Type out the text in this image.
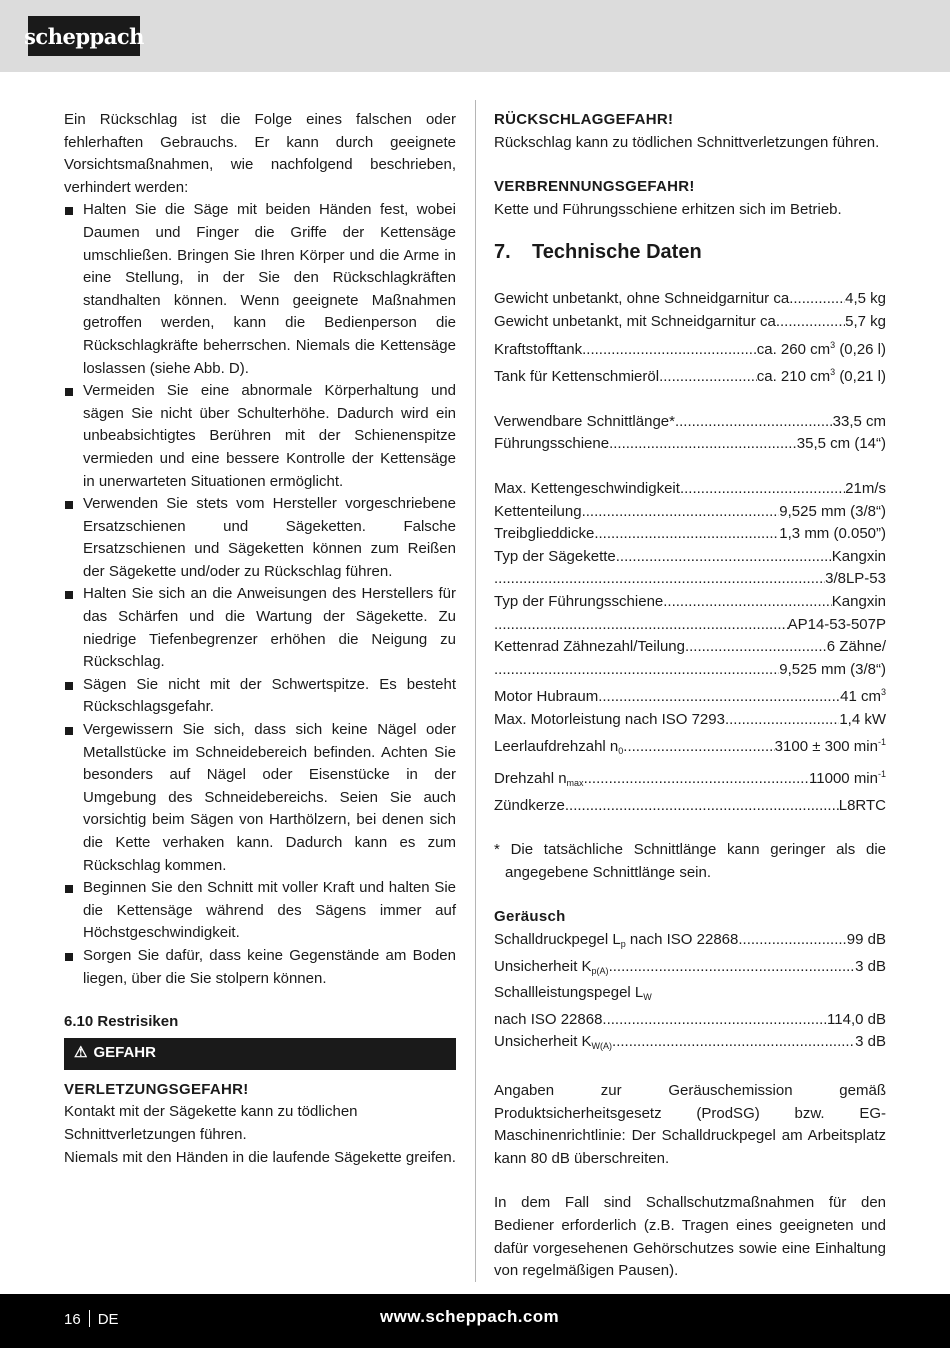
scheppach

Ein Rückschlag ist die Folge eines falschen oder fehlerhaften Gebrauchs. Er kann durch geeignete Vorsichtsmaßnahmen, wie nachfolgend beschrieben, verhindert werden:

Halten Sie die Säge mit beiden Händen fest, wobei Daumen und Finger die Griffe der Kettensäge umschließen. Bringen Sie Ihren Körper und die Arme in eine Stellung, in der Sie den Rückschlagkräften standhalten können. Wenn geeignete Maßnahmen getroffen werden, kann die Bedienperson die Rückschlagkräfte beherrschen. Niemals die Kettensäge loslassen (siehe Abb. D).
Vermeiden Sie eine abnormale Körperhaltung und sägen Sie nicht über Schulterhöhe. Dadurch wird ein unbeabsichtigtes Berühren mit der Schienenspitze vermieden und eine bessere Kontrolle der Kettensäge in unerwarteten Situationen ermöglicht.
Verwenden Sie stets vom Hersteller vorgeschriebene Ersatzschienen und Sägeketten. Falsche Ersatzschienen und Sägeketten können zum Reißen der Sägekette und/oder zu Rückschlag führen.
Halten Sie sich an die Anweisungen des Herstellers für das Schärfen und die Wartung der Sägekette. Zu niedrige Tiefenbegrenzer erhöhen die Neigung zu Rückschlag.
Sägen Sie nicht mit der Schwertspitze. Es besteht Rückschlagsgefahr.
Vergewissern Sie sich, dass sich keine Nägel oder Metallstücke im Schneidebereich befinden. Achten Sie besonders auf Nägel oder Eisenstücke in der Umgebung des Schneidebereichs. Seien Sie auch vorsichtig beim Sägen von Harthölzern, bei denen sich die Kette verhaken kann. Dadurch kann es zum Rückschlag kommen.
Beginnen Sie den Schnitt mit voller Kraft und halten Sie die Kettensäge während des Sägens immer auf Höchstgeschwindigkeit.
Sorgen Sie dafür, dass keine Gegenstände am Boden liegen, über die Sie stolpern können.
6.10 Restrisiken
⚠ GEFAHR
VERLETZUNGSGEFAHR!

Kontakt mit der Sägekette kann zu tödlichen Schnittverletzungen führen.

Niemals mit den Händen in die laufende Sägekette greifen.

RÜCKSCHLAGGEFAHR!

Rückschlag kann zu tödlichen Schnittverletzungen führen.

VERBRENNUNGSGEFAHR!

Kette und Führungsschiene erhitzen sich im Betrieb.

7. Technische Daten
Gewicht unbetankt, ohne Schneidgarnitur ca. .....	4,5 kg
Gewicht unbetankt, mit Schneidgarnitur ca. .....	5,7 kg
Kraftstofftank .....	ca. 260 $cm^3$ (0,26 l)
Tank für Kettenschmieröl .....	ca. 210 $cm^3$ (0,21 l)
Verwendbare Schnittlänge* .....	33,5 cm
Führungsschiene .....	35,5 cm (14“)
Max. Kettengeschwindigkeit .....	21m/s
Kettenteilung .....	9,525 mm (3/8“)
Treibglieddicke .....	1,3 mm (0.050”)
Typ der Sägekette .....	Kangxin
.....
3/8LP-53
Typ der Führungsschiene .....	Kangxin
.....
AP14-53-507P
Kettenrad Zähnezahl/Teilung .....	6 Zähne/
.....
9,525 mm (3/8“)
Motor Hubraum .....	41 $cm^3$
Max. Motorleistung nach ISO 7293 .....	1,4 kW
Leerlaufdrehzahl $n_0$ .....	3100 ± 300 $\min^{-1}$
Drehzahl $n_{max}$ .....	11000 $\min^{-1}$
Zündkerze .....	L8RTC

* Die tatsächliche Schnittlänge kann geringer als die angegebene Schnittlänge sein.

Geräusch
Schalldruckpegel $L_p$ nach ISO 22868 .....	99 dB
Unsicherheit $K_{p(A)}$ .....	3 dB
Schallleistungspegel $L_W$
nach ISO 22868 .....	114,0 dB
Unsicherheit $K_{W(A)}$ .....	3 dB

Angaben zur Geräuschemission gemäß Produktsicherheitsgesetz (ProdSG) bzw. EG-Maschinenrichtlinie: Der Schalldruckpegel am Arbeitsplatz kann 80 dB überschreiten.

In dem Fall sind Schallschutzmaßnahmen für den Bediener erforderlich (z.B. Tragen eines geeigneten und dafür vorgesehenen Gehörschutzes sowie eine Einhaltung von regelmäßigen Pausen).

16 DE	www.scheppach.com
